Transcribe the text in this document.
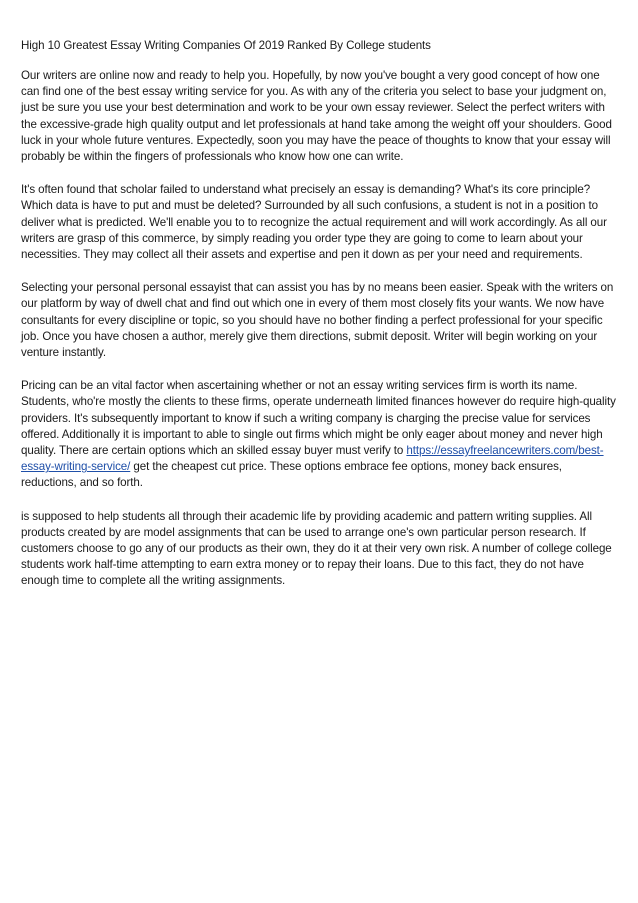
High 10 Greatest Essay Writing Companies Of 2019 Ranked By College students

Our writers are online now and ready to help you. Hopefully, by now you've bought a very good concept of how one can find one of the best essay writing service for you. As with any of the criteria you select to base your judgment on, just be sure you use your best determination and work to be your own essay reviewer. Select the perfect writers with the excessive-grade high quality output and let professionals at hand take among the weight off your shoulders. Good luck in your whole future ventures. Expectedly, soon you may have the peace of thoughts to know that your essay will probably be within the fingers of professionals who know how one can write.

It's often found that scholar failed to understand what precisely an essay is demanding? What's its core principle? Which data is have to put and must be deleted? Surrounded by all such confusions, a student is not in a position to deliver what is predicted. We'll enable you to to recognize the actual requirement and will work accordingly. As all our writers are grasp of this commerce, by simply reading you order type they are going to come to learn about your necessities. They may collect all their assets and expertise and pen it down as per your need and requirements.

Selecting your personal personal essayist that can assist you has by no means been easier. Speak with the writers on our platform by way of dwell chat and find out which one in every of them most closely fits your wants. We now have consultants for every discipline or topic, so you should have no bother finding a perfect professional for your specific job. Once you have chosen a author, merely give them directions, submit deposit. Writer will begin working on your venture instantly.

Pricing can be an vital factor when ascertaining whether or not an essay writing services firm is worth its name. Students, who're mostly the clients to these firms, operate underneath limited finances however do require high-quality providers. It's subsequently important to know if such a writing company is charging the precise value for services offered. Additionally it is important to able to single out firms which might be only eager about money and never high quality. There are certain options which an skilled essay buyer must verify to https://essayfreelancewriters.com/best-essay-writing-service/ get the cheapest cut price. These options embrace fee options, money back ensures, reductions, and so forth.

is supposed to help students all through their academic life by providing academic and pattern writing supplies. All products created by are model assignments that can be used to arrange one's own particular person research. If customers choose to go any of our products as their own, they do it at their very own risk. A number of college college students work half-time attempting to earn extra money or to repay their loans. Due to this fact, they do not have enough time to complete all the writing assignments.
